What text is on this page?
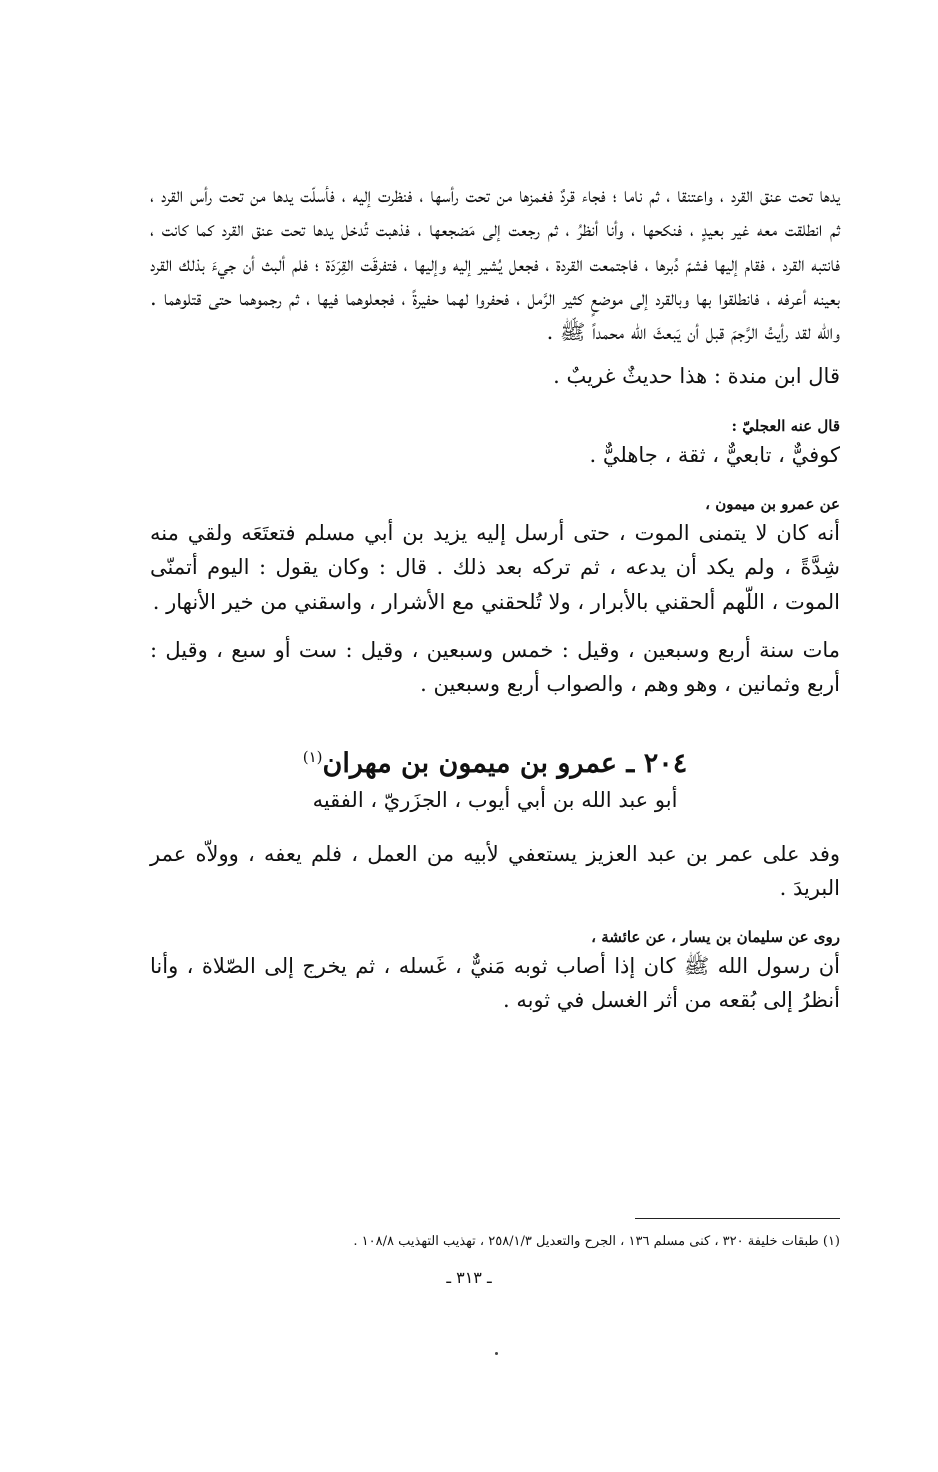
يدها تحت عنق القرد ، واعتنقا ، ثم ناما ؛ فجاء قردٌ فغمزها من تحت رأسها ، فنظرت إليه ، فأسلّت يدها من تحت رأس القرد ، ثم انطلقت معه غير بعيدٍ ، فنكحها ، وأنا أنظرُ ، ثم رجعت إلى مَضجعها ، فذهبت تُدخل يدها تحت عنق القرد كما كانت ، فانتبه القرد ، فقام إليها فشمّ دُبرها ، فاجتمعت القردة ، فجعل يُشير إليه وإليها ، فتفرقَت القِرَدَة ؛ فلم ألبث أن جيءَ بذلك القرد بعينه أعرفه ، فانطلقوا بها وبالقرد إلى موضعٍ كثير الرَّمل ، فحفروا لهما حفيرةً ، فجعلوهما فيها ، ثم رجموهما حتى قتلوهما . والله لقد رأيتُ الرَّجمَ قبل أن يَبعثَ الله محمداً ﷺ .

قال ابن مندة : هذا حديثٌ غريبٌ .

قال عنه العجليّ :

كوفيٌّ ، تابعيٌّ ، ثقة ، جاهليٌّ .

عن عمرو بن ميمون ،

أنه كان لا يتمنى الموت ، حتى أرسل إليه يزيد بن أبي مسلم فتعتَعَه ولقي منه شِدَّةً ، ولم يكد أن يدعه ، ثم تركه بعد ذلك . قال : وكان يقول : اليوم أتمنّى الموت ، اللّهم ألحقني بالأبرار ، ولا تُلحقني مع الأشرار ، واسقني من خير الأنهار .

مات سنة أربع وسبعين ، وقيل : خمس وسبعين ، وقيل : ست أو سبع ، وقيل : أربع وثمانين ، وهو وهم ، والصواب أربع وسبعين .

٢٠٤ ـ عمرو بن ميمون بن مهران$^{(١)}$

أبو عبد الله بن أبي أيوب ، الجزَريّ ، الفقيه

وفد على عمر بن عبد العزيز يستعفي لأبيه من العمل ، فلم يعفه ، وولاّه عمر البريدَ .

روى عن سليمان بن يسار ، عن عائشة ،

أن رسول الله ﷺ كان إذا أصاب ثوبه مَنيٌّ ، غَسله ، ثم يخرج إلى الصّلاة ، وأنا أنظرُ إلى بُقعه من أثر الغسل في ثوبه .

(١) طبقات خليفة ٣٢٠ ، كنى مسلم ١٣٦ ، الجرح والتعديل ٢٥٨/١/٣ ، تهذيب التهذيب ١٠٨/٨ .

ـ ٣١٣ ـ
